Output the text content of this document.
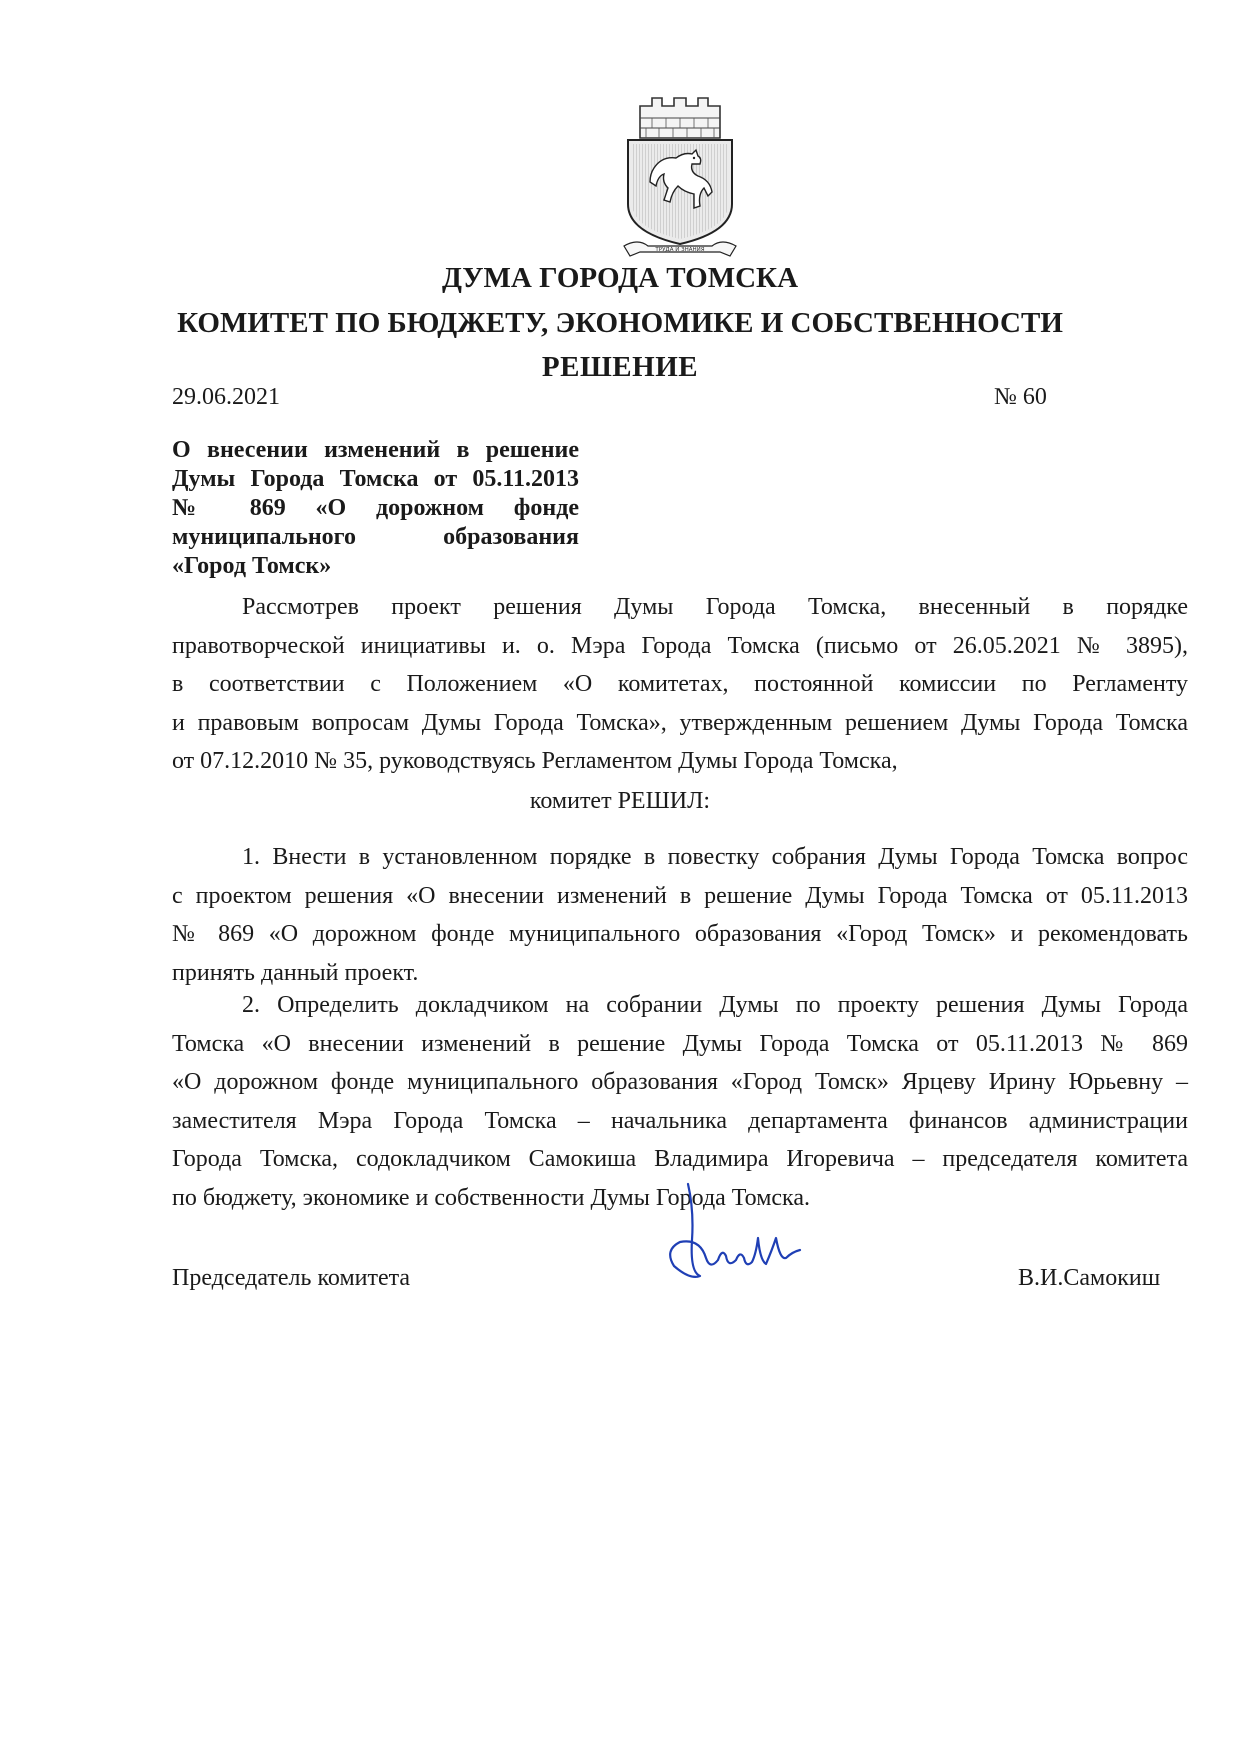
ТРУДА И ЗНАНИЯ
ДУМА ГОРОДА ТОМСКА
КОМИТЕТ ПО БЮДЖЕТУ, ЭКОНОМИКЕ И СОБСТВЕННОСТИ
РЕШЕНИЕ
29.06.2021	№ 60
О внесении изменений в решение
Думы Города Томска от 05.11.2013
№ 869 «О дорожном фонде
муниципального образования
«Город Томск»
Рассмотрев проект решения Думы Города Томска, внесенный в порядке
правотворческой инициативы и. о. Мэра Города Томска (письмо от 26.05.2021 № 3895),
в соответствии с Положением «О комитетах, постоянной комиссии по Регламенту
и правовым вопросам Думы Города Томска», утвержденным решением Думы Города Томска
от 07.12.2010 № 35, руководствуясь Регламентом Думы Города Томска,
комитет РЕШИЛ:
1. Внести в установленном порядке в повестку собрания Думы Города Томска вопрос
с проектом решения «О внесении изменений в решение Думы Города Томска от 05.11.2013
№ 869 «О дорожном фонде муниципального образования «Город Томск» и рекомендовать
принять данный проект.
2. Определить докладчиком на собрании Думы по проекту решения Думы Города
Томска «О внесении изменений в решение Думы Города Томска от 05.11.2013 № 869
«О дорожном фонде муниципального образования «Город Томск» Ярцеву Ирину Юрьевну –
заместителя Мэра Города Томска – начальника департамента финансов администрации
Города Томска, содокладчиком Самокиша Владимира Игоревича – председателя комитета
по бюджету, экономике и собственности Думы Города Томска.
Председатель комитета	В.И.Самокиш
